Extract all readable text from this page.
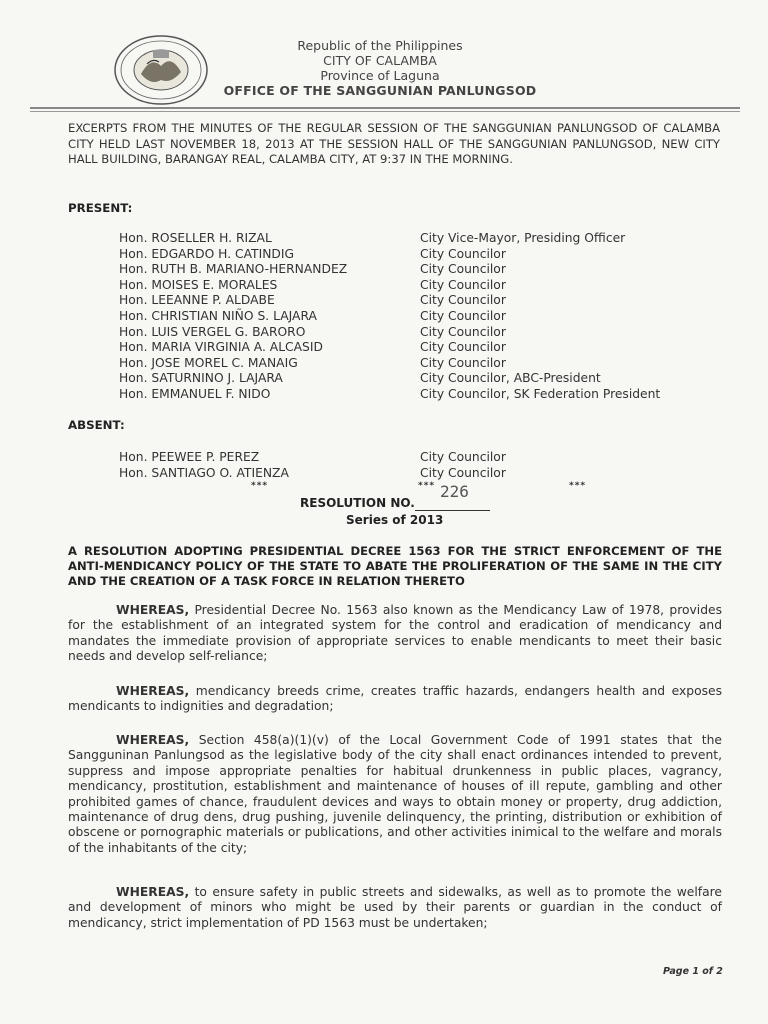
Republic of the Philippines
CITY OF CALAMBA
Province of Laguna
OFFICE OF THE SANGGUNIAN PANLUNGSOD
EXCERPTS FROM THE MINUTES OF THE REGULAR SESSION OF THE SANGGUNIAN PANLUNGSOD OF CALAMBA CITY HELD LAST NOVEMBER 18, 2013 AT THE SESSION HALL OF THE SANGGUNIAN PANLUNGSOD, NEW CITY HALL BUILDING, BARANGAY REAL, CALAMBA CITY, AT 9:37 IN THE MORNING.
PRESENT:
Hon. ROSELLER H. RIZAL
Hon. EDGARDO H. CATINDIG
Hon. RUTH B. MARIANO-HERNANDEZ
Hon. MOISES E. MORALES
Hon. LEEANNE P. ALDABE
Hon. CHRISTIAN NIÑO S. LAJARA
Hon. LUIS VERGEL G. BARORO
Hon. MARIA VIRGINIA A. ALCASID
Hon. JOSE MOREL C. MANAIG
Hon. SATURNINO J. LAJARA
Hon. EMMANUEL F. NIDO
City Vice-Mayor, Presiding Officer
City Councilor
City Councilor
City Councilor
City Councilor
City Councilor
City Councilor
City Councilor
City Councilor
City Councilor, ABC-President
City Councilor, SK Federation President
ABSENT:
Hon. PEEWEE P. PEREZ
Hon. SANTIAGO O. ATIENZA
City Councilor
City Councilor
***	***	***
226
RESOLUTION NO.
Series of 2013
A RESOLUTION ADOPTING PRESIDENTIAL DECREE 1563 FOR THE STRICT ENFORCEMENT OF THE ANTI-MENDICANCY POLICY OF THE STATE TO ABATE THE PROLIFERATION OF THE SAME IN THE CITY AND THE CREATION OF A TASK FORCE IN RELATION THERETO
WHEREAS, Presidential Decree No. 1563 also known as the Mendicancy Law of 1978, provides for the establishment of an integrated system for the control and eradication of mendicancy and mandates the immediate provision of appropriate services to enable mendicants to meet their basic needs and develop self-reliance;
WHEREAS, mendicancy breeds crime, creates traffic hazards, endangers health and exposes mendicants to indignities and degradation;
WHEREAS, Section 458(a)(1)(v) of the Local Government Code of 1991 states that the Sangguninan Panlungsod as the legislative body of the city shall enact ordinances intended to prevent, suppress and impose appropriate penalties for habitual drunkenness in public places, vagrancy, mendicancy, prostitution, establishment and maintenance of houses of ill repute, gambling and other prohibited games of chance, fraudulent devices and ways to obtain money or property, drug addiction, maintenance of drug dens, drug pushing, juvenile delinquency, the printing, distribution or exhibition of obscene or pornographic materials or publications, and other activities inimical to the welfare and morals of the inhabitants of the city;
WHEREAS, to ensure safety in public streets and sidewalks, as well as to promote the welfare and development of minors who might be used by their parents or guardian in the conduct of mendicancy, strict implementation of PD 1563 must be undertaken;
Page 1 of 2
